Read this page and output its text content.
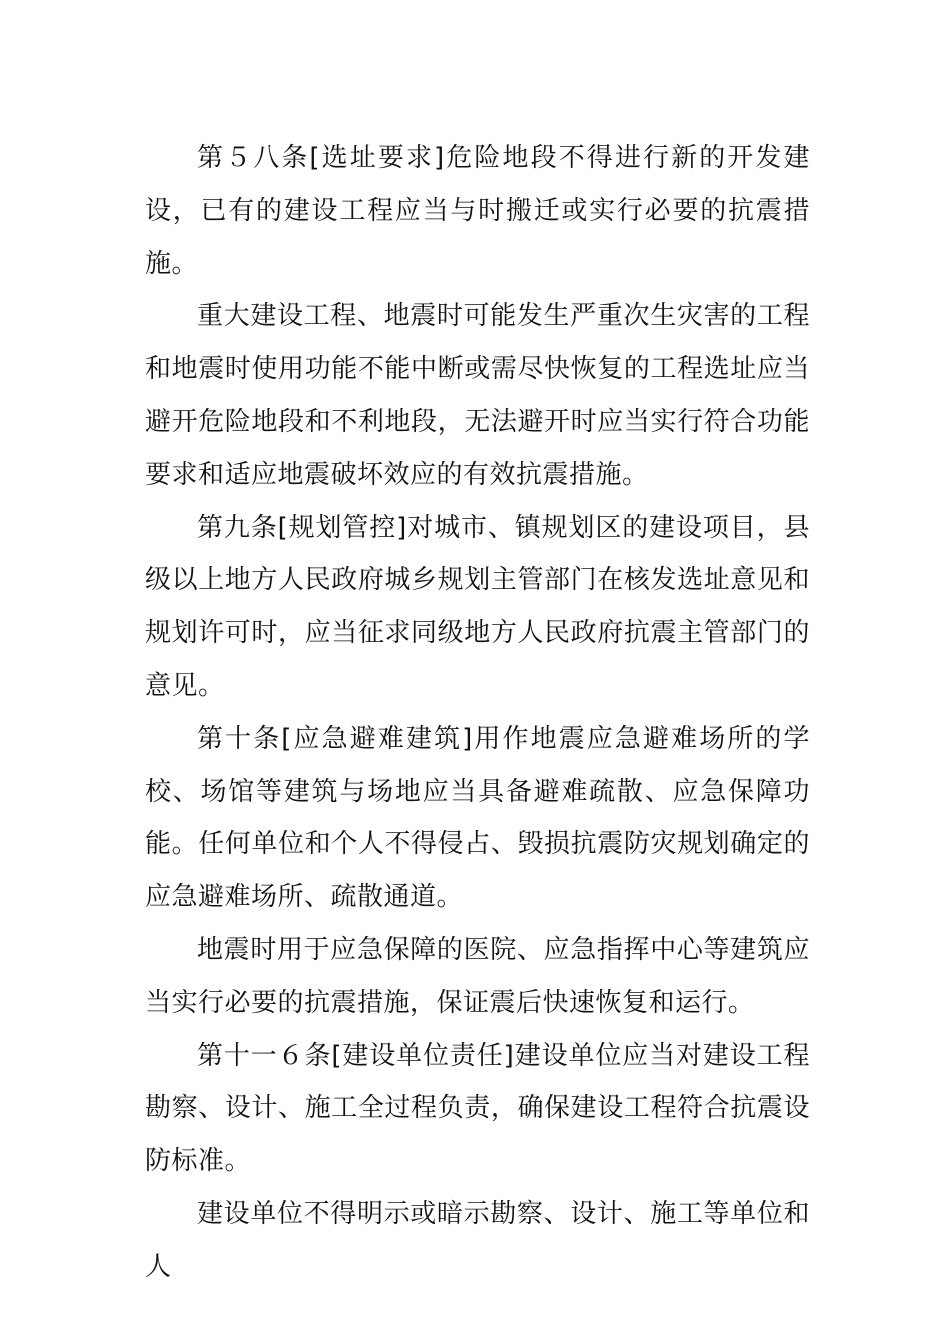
第５八条[选址要求]危险地段不得进行新的开发建设，已有的建设工程应当与时搬迁或实行必要的抗震措施。

重大建设工程、地震时可能发生严重次生灾害的工程和地震时使用功能不能中断或需尽快恢复的工程选址应当避开危险地段和不利地段，无法避开时应当实行符合功能要求和适应地震破坏效应的有效抗震措施。

第九条[规划管控]对城市、镇规划区的建设项目，县级以上地方人民政府城乡规划主管部门在核发选址意见和规划许可时，应当征求同级地方人民政府抗震主管部门的意见。

第十条[应急避难建筑]用作地震应急避难场所的学校、场馆等建筑与场地应当具备避难疏散、应急保障功能。任何单位和个人不得侵占、毁损抗震防灾规划确定的应急避难场所、疏散通道。

地震时用于应急保障的医院、应急指挥中心等建筑应当实行必要的抗震措施，保证震后快速恢复和运行。

第十一６条[建设单位责任]建设单位应当对建设工程勘察、设计、施工全过程负责，确保建设工程符合抗震设防标准。

建设单位不得明示或暗示勘察、设计、施工等单位和人
